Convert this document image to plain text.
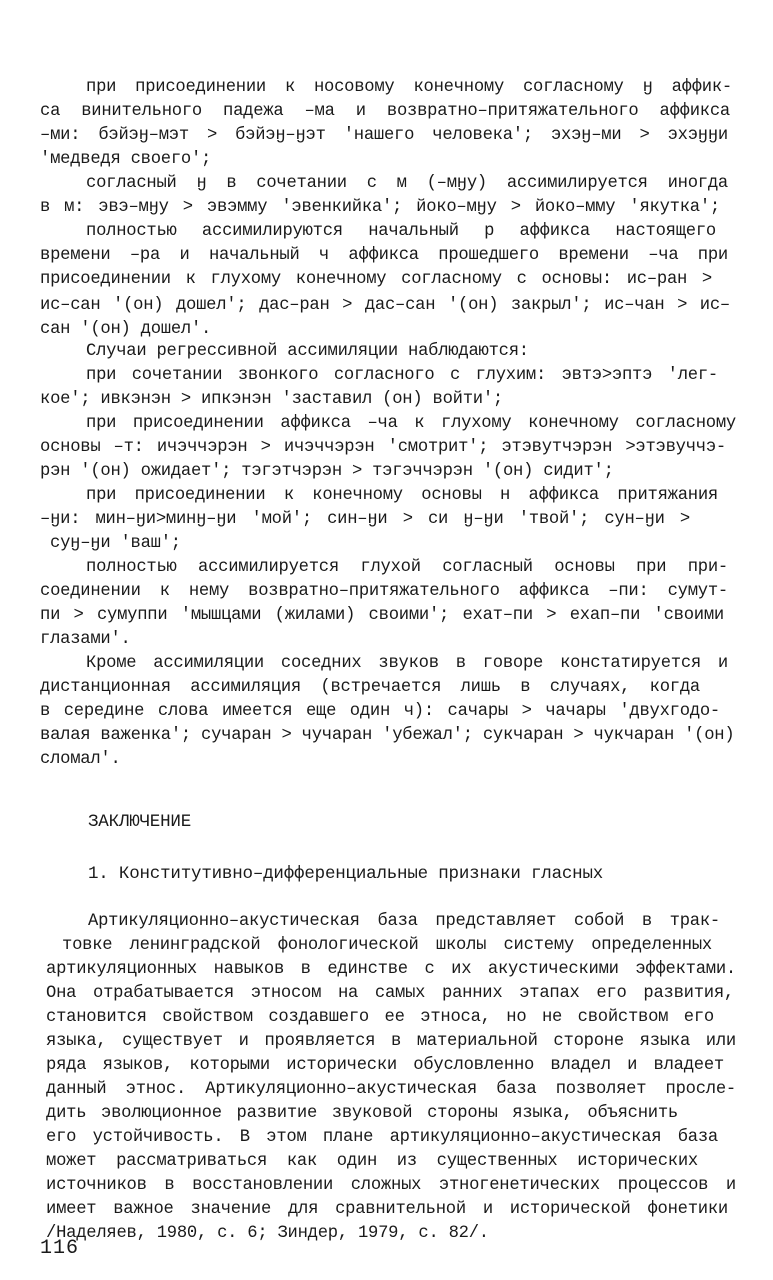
при присоединении к носовому конечному согласному ӈ аффик-
са винительного падежа –ма и возвратно–притяжательного аффикса
–ми: бэйэӈ–мэт > бэйэӈ–ӈэт 'нашего человека'; эхэӈ–ми > эхэӈӈи
'медведя своего';
согласный ӈ в сочетании с м (–мӈу) ассимилируется иногда
в м: эвэ–мӈу > эвэмму 'эвенкийка'; йоко–мӈу > йоко–мму 'якутка';
полностью ассимилируются начальный р аффикса настоящего
времени –ра и начальный ч аффикса прошедшего времени –ча при
присоединении к глухому конечному согласному с основы: ис–ран >
ис–сан '(он) дошел'; дас–ран > дас–сан '(он) закрыл'; ис–чан > ис–
сан '(он) дошел'.
Случаи регрессивной ассимиляции наблюдаются:
при сочетании звонкого согласного с глухим: эвтэ>эптэ 'лег-
кое'; ивкэнэн > ипкэнэн 'заставил (он) войти';
при присоединении аффикса –ча к глухому конечному согласному
основы –т: ичэччэрэн > ичэччэрэн 'смотрит'; этэвутчэрэн >этэвуччэ-
рэн '(он) ожидает'; тэгэтчэрэн > тэгэччэрэн '(он) сидит';
при присоединении к конечному основы н аффикса притяжания
–ӈи: мин–ӈи>минӈ–ӈи 'мой'; син–ӈи > си ӈ–ӈи 'твой'; сун–ӈи >
суӈ–ӈи 'ваш';
полностью ассимилируется глухой согласный основы при при-
соединении к нему возвратно–притяжательного аффикса –пи: сумут-
пи > сумуппи 'мышцами (жилами) своими'; ехат–пи > ехап–пи 'своими
глазами'.
Кроме ассимиляции соседних звуков в говоре констатируется и
дистанционная ассимиляция (встречается лишь в случаях, когда
в середине слова имеется еще один ч): сачары > чачары 'двухгодо-
валая важенка'; сучаран > чучаран 'убежал'; сукчаран > чукчаран '(он)
сломал'.
ЗАКЛЮЧЕНИЕ
1. Конститутивно–дифференциальные признаки гласных
Артикуляционно–акустическая база представляет собой в трак-
товке ленинградской фонологической школы систему определенных
артикуляционных навыков в единстве с их акустическими эффектами.
Она отрабатывается этносом на самых ранних этапах его развития,
становится свойством создавшего ее этноса, но не свойством его
языка, существует и проявляется в материальной стороне языка или
ряда языков, которыми исторически обусловленно владел и владеет
данный этнос. Артикуляционно–акустическая база позволяет просле-
дить эволюционное развитие звуковой стороны языка, объяснить
его устойчивость. В этом плане артикуляционно–акустическая база
может рассматриваться как один из существенных исторических
источников в восстановлении сложных этногенетических процессов и
имеет важное значение для сравнительной и исторической фонетики
/Наделяев, 1980, с. 6; Зиндер, 1979, с. 82/.
116
